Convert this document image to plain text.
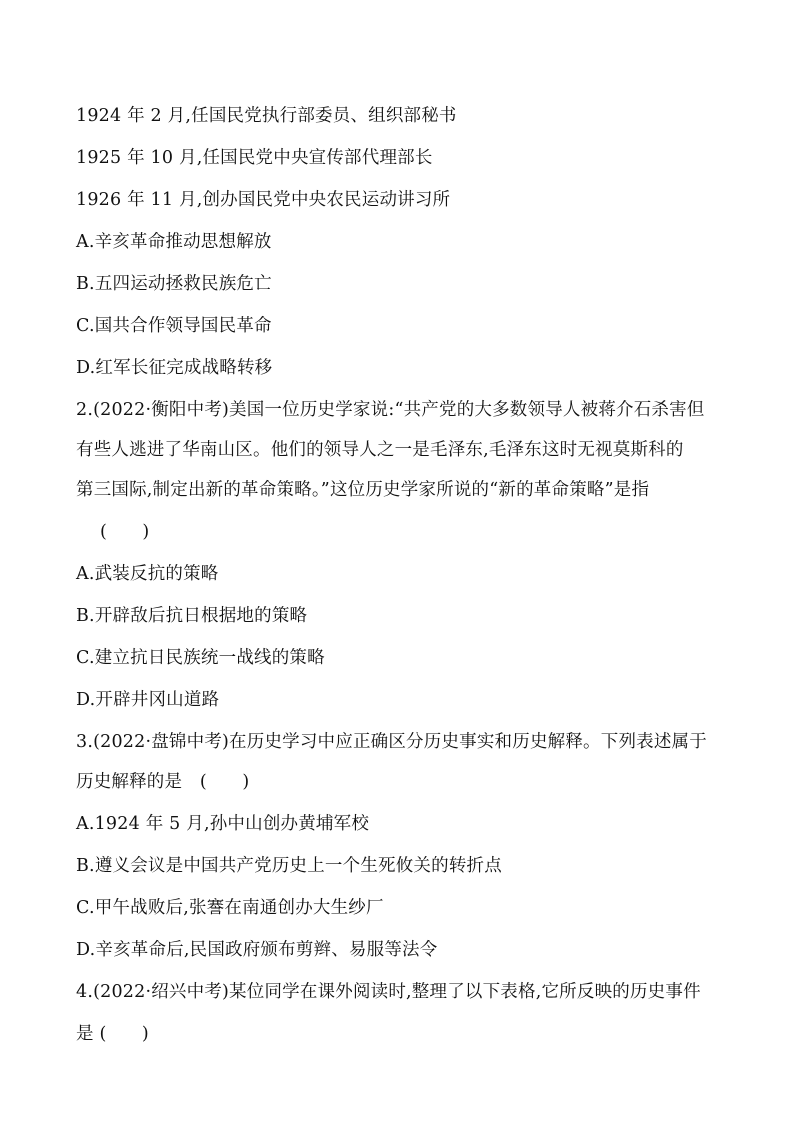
1924 年 2 月,任国民党执行部委员、组织部秘书
1925 年 10 月,任国民党中央宣传部代理部长
1926 年 11 月,创办国民党中央农民运动讲习所
A.辛亥革命推动思想解放
B.五四运动拯救民族危亡
C.国共合作领导国民革命
D.红军长征完成战略转移
2.(2022·衡阳中考)美国一位历史学家说:“共产党的大多数领导人被蒋介石杀害但
有些人逃进了华南山区。他们的领导人之一是毛泽东,毛泽东这时无视莫斯科的
第三国际,制定出新的革命策略。”这位历史学家所说的“新的革命策略”是指
(　　)
A.武装反抗的策略
B.开辟敌后抗日根据地的策略
C.建立抗日民族统一战线的策略
D.开辟井冈山道路
3.(2022·盘锦中考)在历史学习中应正确区分历史事实和历史解释。下列表述属于
历史解释的是　(　　)
A.1924 年 5 月,孙中山创办黄埔军校
B.遵义会议是中国共产党历史上一个生死攸关的转折点
C.甲午战败后,张謇在南通创办大生纱厂
D.辛亥革命后,民国政府颁布剪辫、易服等法令
4.(2022·绍兴中考)某位同学在课外阅读时,整理了以下表格,它所反映的历史事件
是 (　　)
